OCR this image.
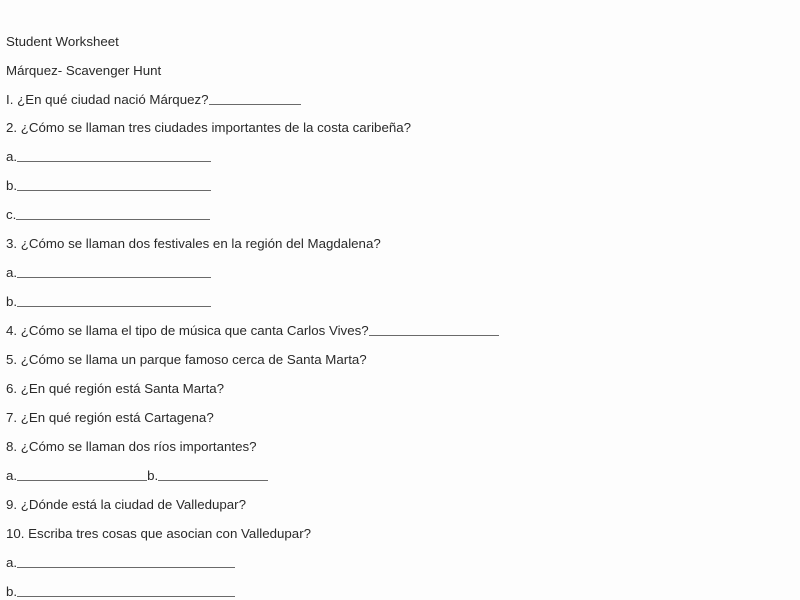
Student Worksheet
Márquez- Scavenger Hunt
I. ¿En qué ciudad nació Márquez?
2. ¿Cómo se llaman tres ciudades importantes de la costa caribeña?
a.
b.
c.
3. ¿Cómo se llaman dos festivales en la región del Magdalena?
a.
b.
4. ¿Cómo se llama el tipo de música que canta Carlos Vives?
5. ¿Cómo se llama un parque famoso cerca de Santa Marta?
6. ¿En qué región está Santa Marta?
7. ¿En qué región está Cartagena?
8. ¿Cómo se llaman dos ríos importantes?
a.	b.
9. ¿Dónde está la ciudad de Valledupar?
10. Escriba tres cosas que asocian con Valledupar?
a.
b.
